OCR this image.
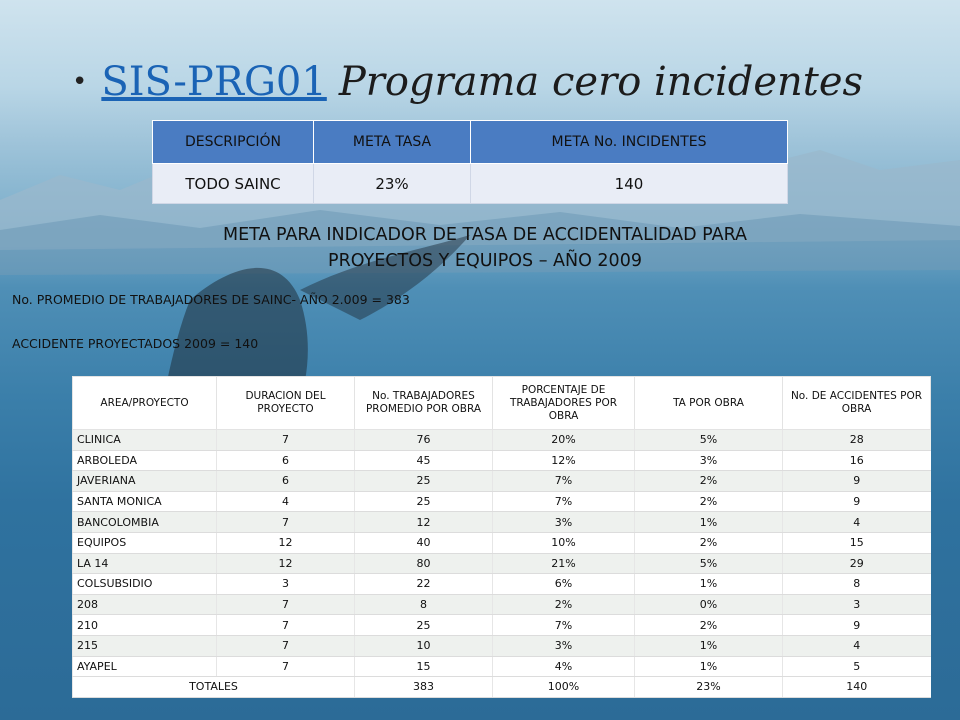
• SIS-PRG01 Programa cero incidentes
DESCRIPCIÓN	META TASA	META No. INCIDENTES
TODO SAINC	23%	140
META PARA INDICADOR DE TASA DE ACCIDENTALIDAD PARA
PROYECTOS Y EQUIPOS – AÑO 2009
No. PROMEDIO DE TRABAJADORES DE SAINC- AÑO 2.009 = 383
ACCIDENTE PROYECTADOS 2009 = 140
AREA/PROYECTO	DURACION DEL PROYECTO	No. TRABAJADORES PROMEDIO POR OBRA	PORCENTAJE DE TRABAJADORES POR OBRA	TA POR OBRA	No. DE ACCIDENTES POR OBRA
CLINICA	7	76	20%	5%	28
ARBOLEDA	6	45	12%	3%	16
JAVERIANA	6	25	7%	2%	9
SANTA MONICA	4	25	7%	2%	9
BANCOLOMBIA	7	12	3%	1%	4
EQUIPOS	12	40	10%	2%	15
LA 14	12	80	21%	5%	29
COLSUBSIDIO	3	22	6%	1%	8
208	7	8	2%	0%	3
210	7	25	7%	2%	9
215	7	10	3%	1%	4
AYAPEL	7	15	4%	1%	5
TOTALES		383	100%	23%	140
